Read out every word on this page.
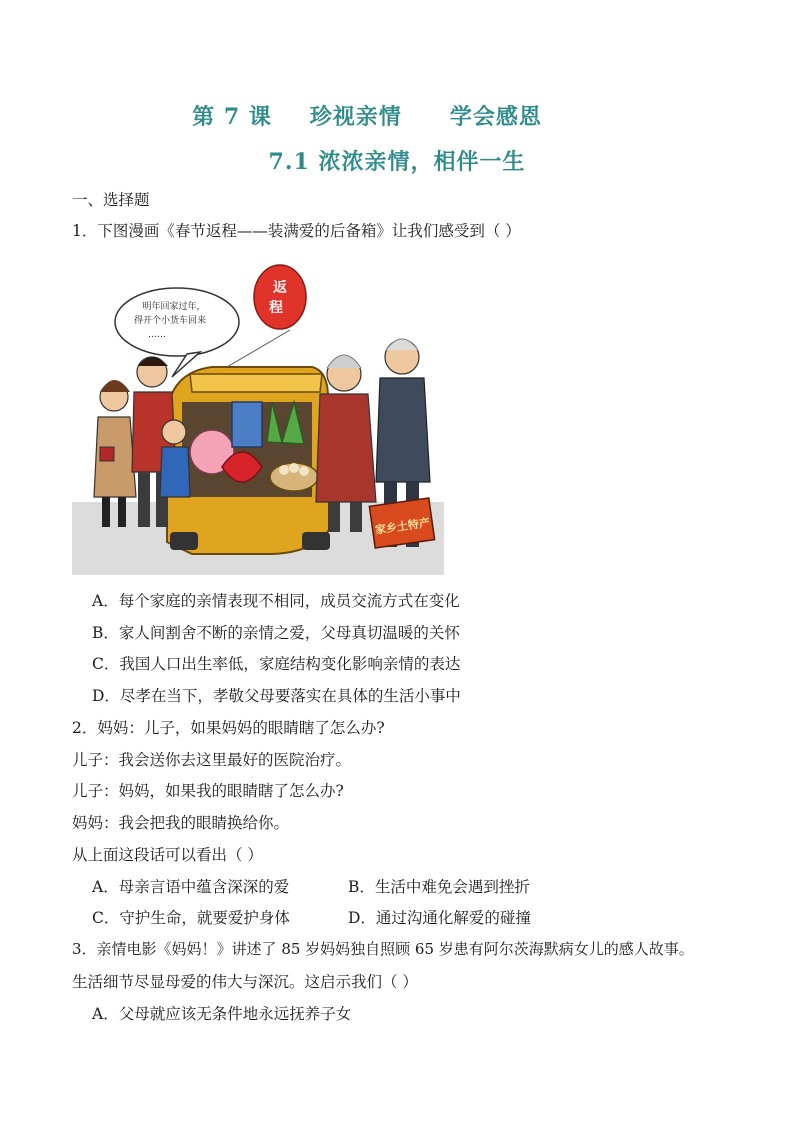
第 7 课 珍视亲情 学会感恩
7.1 浓浓亲情，相伴一生
一、选择题
1．下图漫画《春节返程——装满爱的后备箱》让我们感受到（ ）
明年回家过年，
得开个小货车回来
……
返
程
家乡土特产
A．每个家庭的亲情表现不相同，成员交流方式在变化
B．家人间割舍不断的亲情之爱，父母真切温暖的关怀
C．我国人口出生率低，家庭结构变化影响亲情的表达
D．尽孝在当下，孝敬父母要落实在具体的生活小事中
2．妈妈：儿子，如果妈妈的眼睛瞎了怎么办?
儿子：我会送你去这里最好的医院治疗。
儿子：妈妈，如果我的眼睛瞎了怎么办?
妈妈：我会把我的眼睛换给你。
从上面这段话可以看出（ ）
A．母亲言语中蕴含深深的爱	B．生活中难免会遇到挫折
C．守护生命，就要爱护身体	D．通过沟通化解爱的碰撞
3．亲情电影《妈妈！》讲述了 85 岁妈妈独自照顾 65 岁患有阿尔茨海默病女儿的感人故事。
生活细节尽显母爱的伟大与深沉。这启示我们（ ）
A．父母就应该无条件地永远抚养子女
